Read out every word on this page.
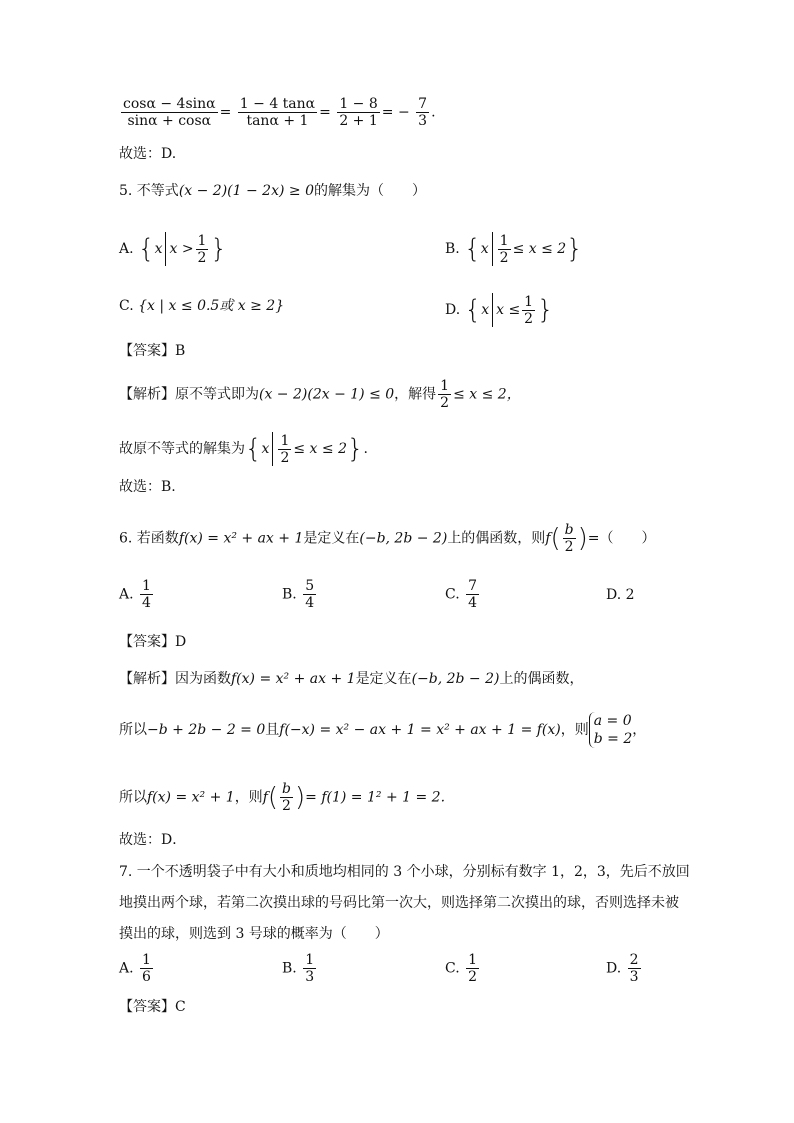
$\frac{\cos\alpha - 4\sin\alpha}{\sin\alpha + \cos\alpha} = \frac{1 - 4 \tan\alpha}{\tan\alpha + 1} = \frac{1 - 8}{2 + 1}$ = − $\frac{7}{3}$ .
故选：D.
5. 不等式(x − 2)(1 − 2x) ≥ 0的解集为（　　）
A. {x $x > \frac{1}{2}$ }	B. $\{x \frac{1}{2} \le x \le 2\}$
C. {x | x ≤ 0.5或 x ≥ 2}	D. {x $x \le \frac{1}{2}$ }
【答案】B
【解析】原不等式即为(x − 2)(2x − 1) ≤ 0，解得 $\frac{1}{2} \le x \le 2$，
故原不等式的解集为$\{x \frac{1}{2} \le x \le 2\}$.
故选：B.
6. 若函数f(x) = x² + ax + 1是定义在(−b, 2b − 2)上的偶函数，则$f( \frac{b}{2}$ )=（　　）
A. $\frac{1}{4}$	B. $\frac{5}{4}$	C. $\frac{7}{4}$	D. 2
【答案】D
【解析】因为函数f(x) = x² + ax + 1是定义在(−b, 2b − 2)上的偶函数，
所以−b + 2b − 2 = 0且f(−x) = x² − ax + 1 = x² + ax + 1 = f(x)，则
a = 0
b = 2
，
所以f(x) = x² + 1，则$f( \frac{b}{2}$ )= f(1) = 1² + 1 = 2.
故选：D．
7. 一个不透明袋子中有大小和质地均相同的 3 个小球，分别标有数字 1，2，3，先后不放回
地摸出两个球，若第二次摸出球的号码比第一次大，则选择第二次摸出的球，否则选择未被
摸出的球，则选到 3 号球的概率为（　　）
A. $\frac{1}{6}$	B. $\frac{1}{3}$	C. $\frac{1}{2}$	D. $\frac{2}{3}$
【答案】C
